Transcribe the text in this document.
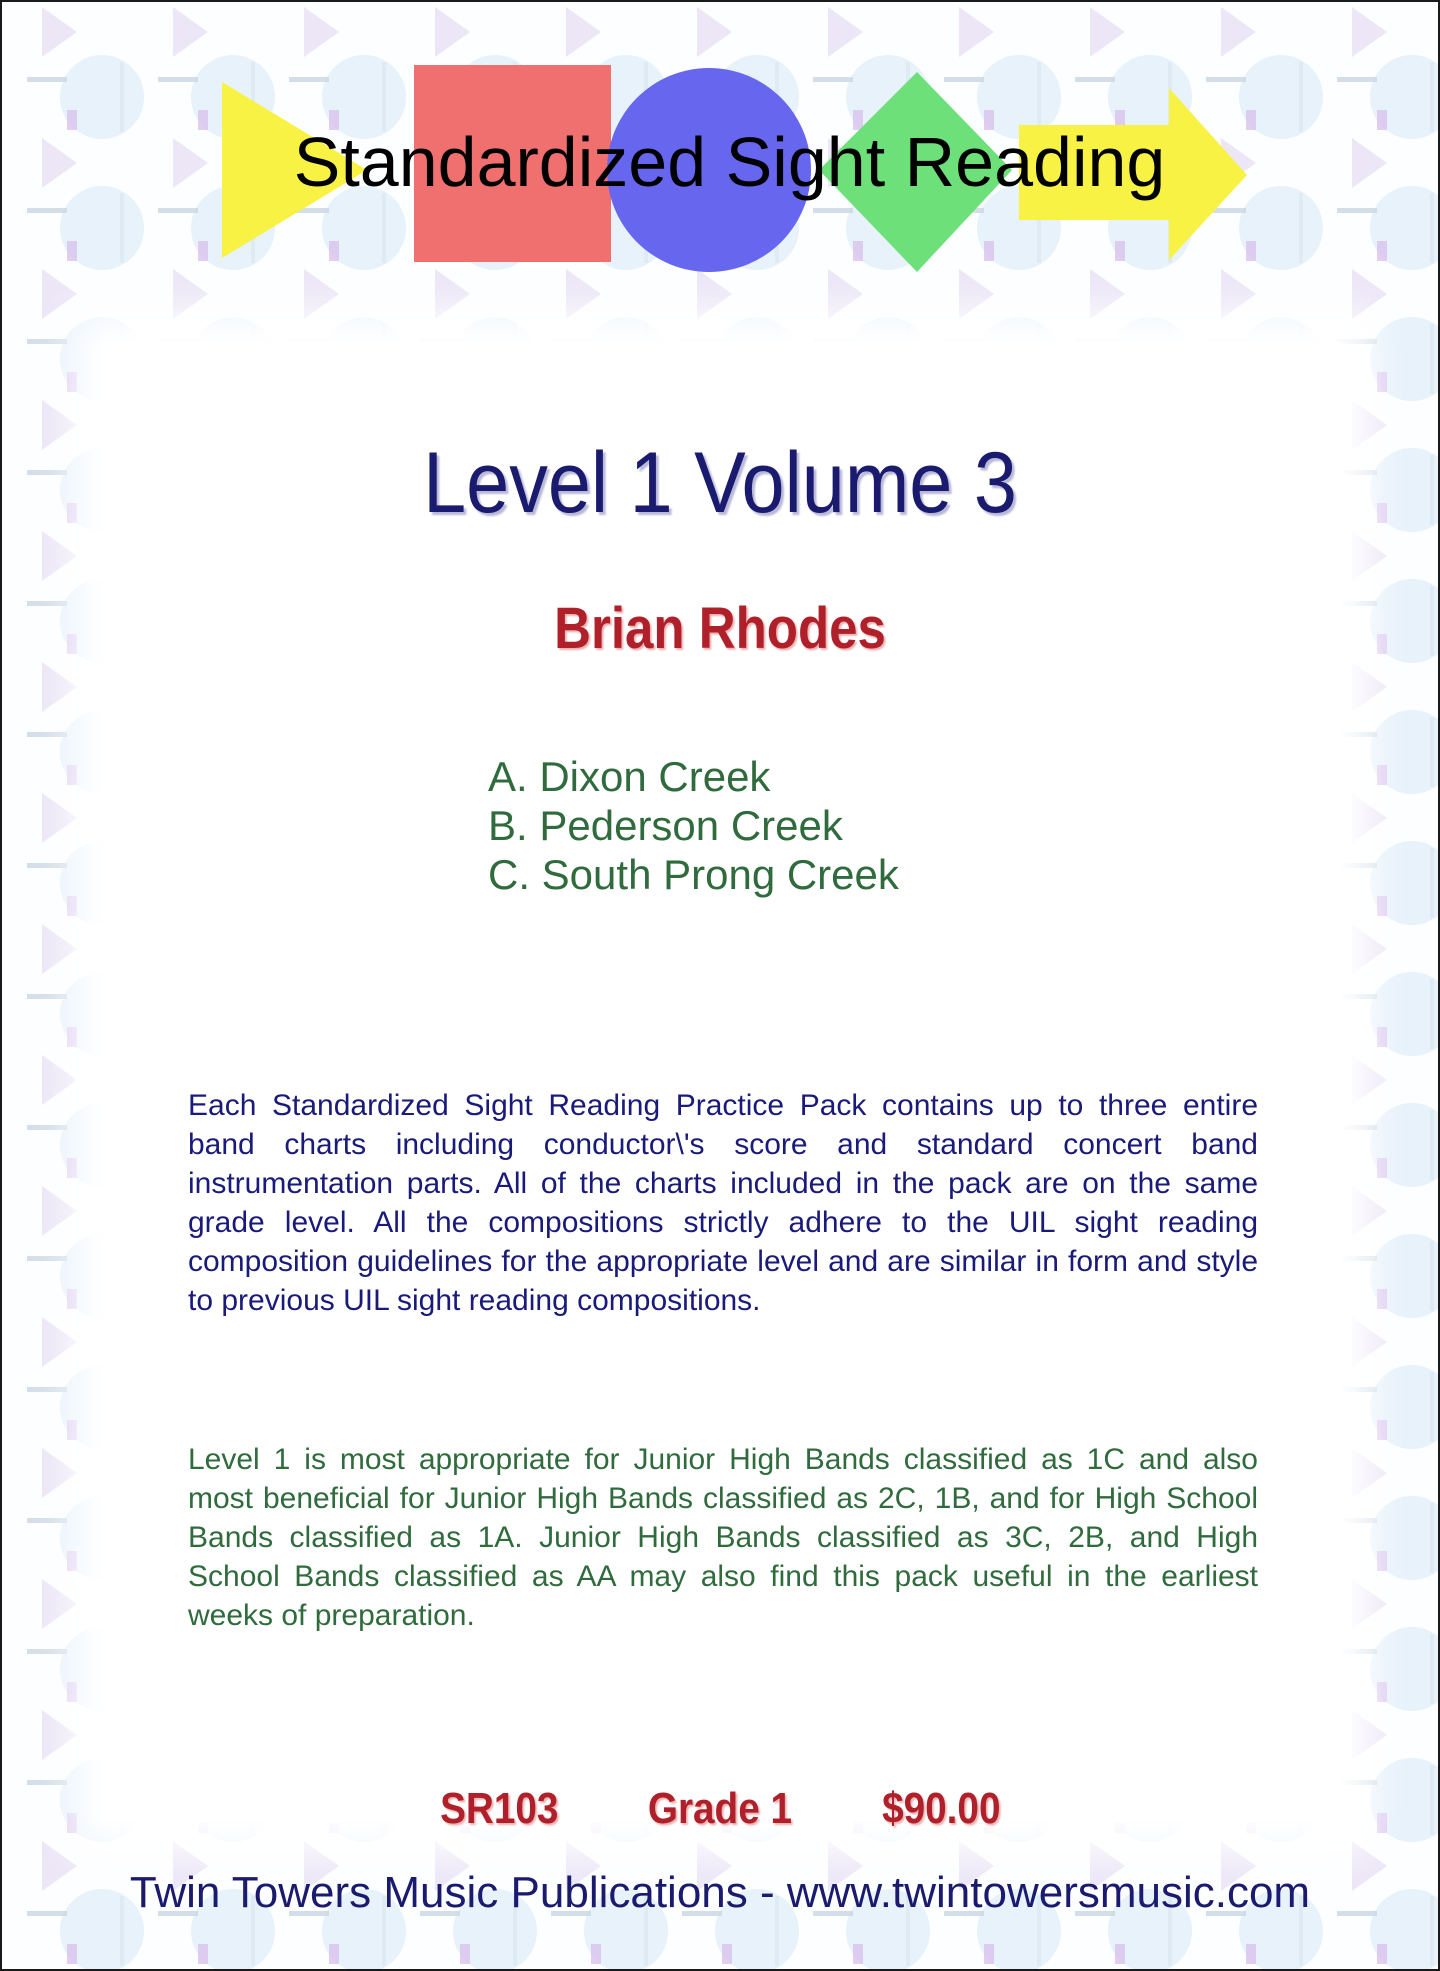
Standardized Sight Reading
Level 1 Volume 3
Brian Rhodes
A. Dixon Creek
B. Pederson Creek
C. South Prong Creek
Each Standardized Sight Reading Practice Pack contains up to three entire band charts including conductor\'s score and standard concert band instrumentation parts. All of the charts included in the pack are on the same grade level. All the compositions strictly adhere to the UIL sight reading composition guidelines for the appropriate level and are similar in form and style to previous UIL sight reading compositions.
Level 1 is most appropriate for Junior High Bands classified as 1C and also most beneficial for Junior High Bands classified as 2C, 1B, and for High School Bands classified as 1A. Junior High Bands classified as 3C, 2B, and High School Bands classified as AA may also find this pack useful in the earliest weeks of preparation.
SR103 Grade 1 $90.00
Twin Towers Music Publications - www.twintowersmusic.com
